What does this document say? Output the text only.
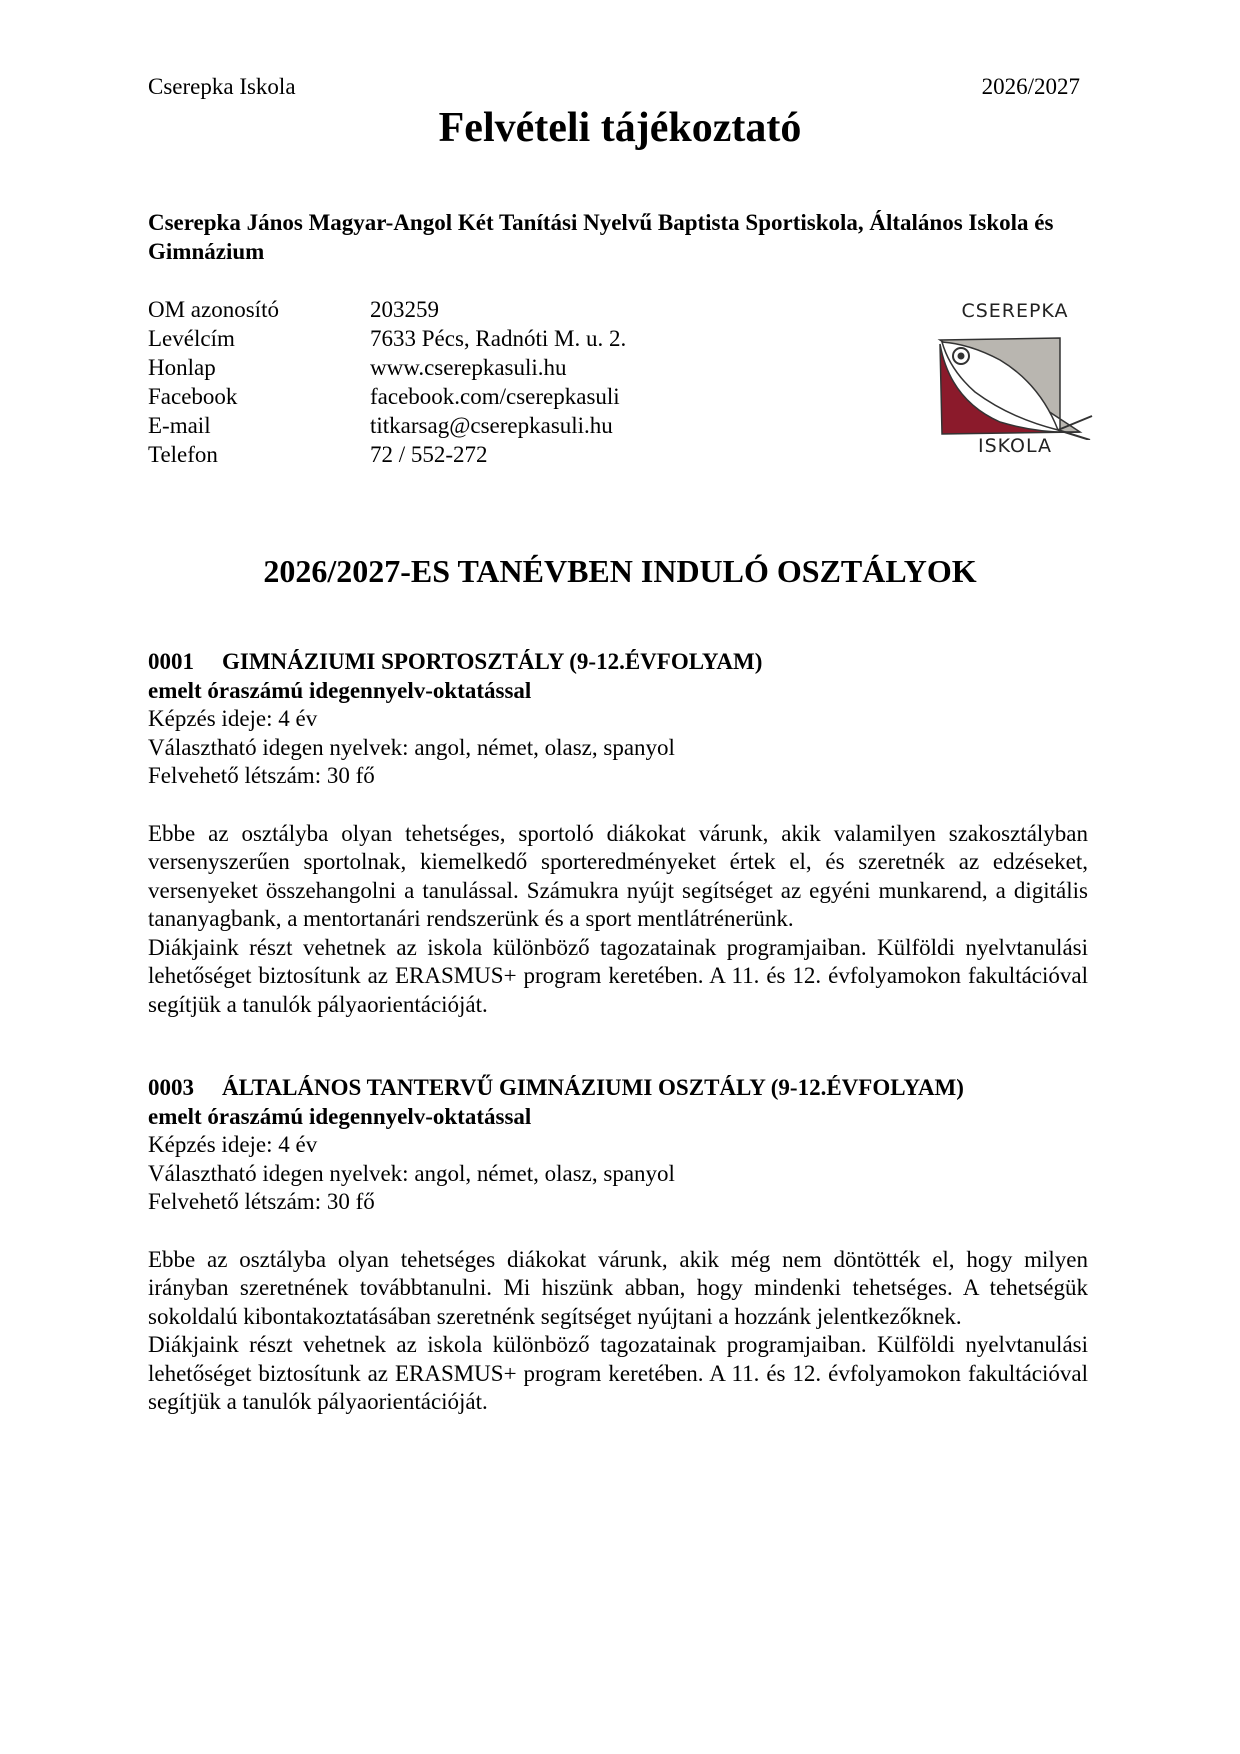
Cserepka Iskola	2026/2027
Felvételi tájékoztató
Cserepka János Magyar-Angol Két Tanítási Nyelvű Baptista Sportiskola, Általános Iskola és Gimnázium
OM azonosító	203259
Levélcím	7633 Pécs, Radnóti M. u. 2.
Honlap	www.cserepkasuli.hu
Facebook	facebook.com/cserepkasuli
E-mail	titkarsag@cserepkasuli.hu
Telefon	72 / 552-272
CSEREPKA
ISKOLA
2026/2027-ES TANÉVBEN INDULÓ OSZTÁLYOK
0001	GIMNÁZIUMI SPORTOSZTÁLY (9-12.ÉVFOLYAM)
emelt óraszámú idegennyelv-oktatással
Képzés ideje: 4 év
Választható idegen nyelvek: angol, német, olasz, spanyol
Felvehető létszám: 30 fő

Ebbe az osztályba olyan tehetséges, sportoló diákokat várunk, akik valamilyen szakosztályban versenyszerűen sportolnak, kiemelkedő sporteredményeket értek el, és szeretnék az edzéseket, versenyeket összehangolni a tanulással. Számukra nyújt segítséget az egyéni munkarend, a digitális tananyagbank, a mentortanári rendszerünk és a sport mentlátrénerünk.

Diákjaink részt vehetnek az iskola különböző tagozatainak programjaiban. Külföldi nyelvtanulási lehetőséget biztosítunk az ERASMUS+ program keretében. A 11. és 12. évfolyamokon fakultációval segítjük a tanulók pályaorientációját.

0003	ÁLTALÁNOS TANTERVŰ GIMNÁZIUMI OSZTÁLY (9-12.ÉVFOLYAM)
emelt óraszámú idegennyelv-oktatással
Képzés ideje: 4 év
Választható idegen nyelvek: angol, német, olasz, spanyol
Felvehető létszám: 30 fő

Ebbe az osztályba olyan tehetséges diákokat várunk, akik még nem döntötték el, hogy milyen irányban szeretnének továbbtanulni. Mi hiszünk abban, hogy mindenki tehetséges. A tehetségük sokoldalú kibontakoztatásában szeretnénk segítséget nyújtani a hozzánk jelentkezőknek.

Diákjaink részt vehetnek az iskola különböző tagozatainak programjaiban. Külföldi nyelvtanulási lehetőséget biztosítunk az ERASMUS+ program keretében. A 11. és 12. évfolyamokon fakultációval segítjük a tanulók pályaorientációját.
